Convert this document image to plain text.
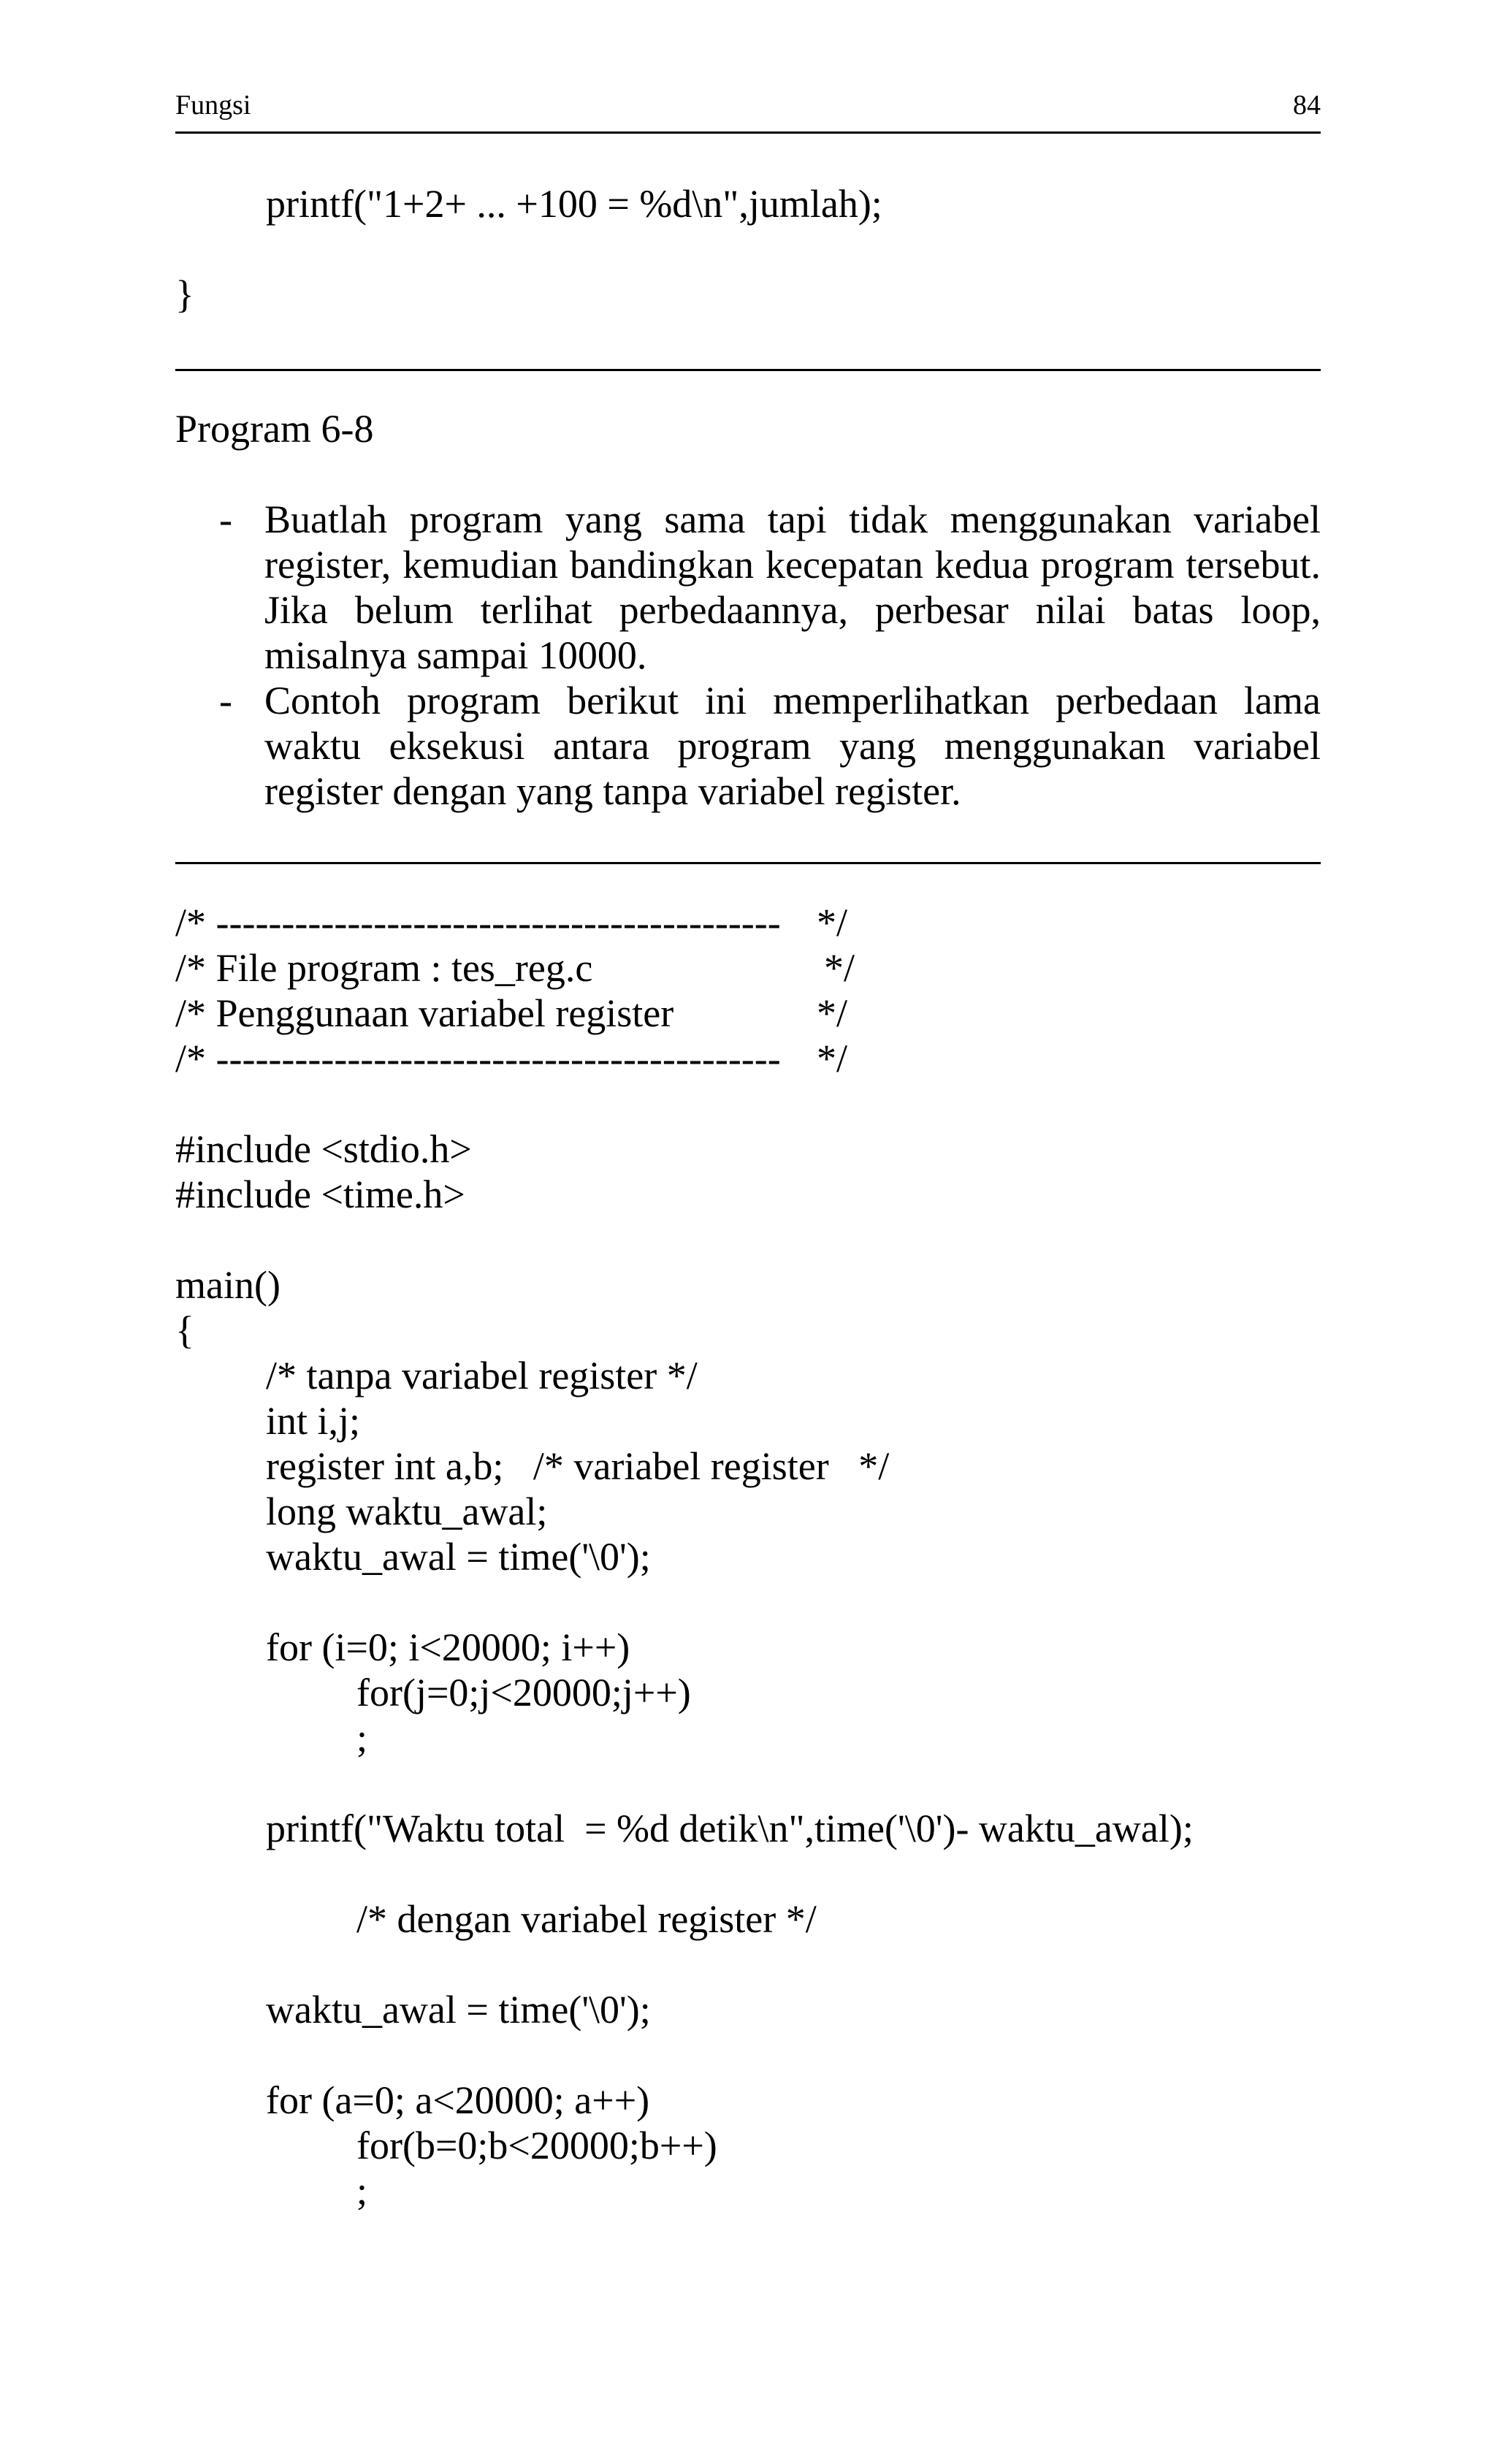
Fungsi	84
printf("1+2+ ... +100 = %d\n",jumlah);
}
Program 6-8
- Buatlah program yang sama tapi tidak menggunakan variabel register, kemudian bandingkan kecepatan kedua program tersebut. Jika belum terlihat perbedaannya, perbesar nilai batas loop, misalnya sampai 10000.
- Contoh program berikut ini memperlihatkan perbedaan lama waktu eksekusi antara program yang menggunakan variabel register dengan yang tanpa variabel register.
/* ------------------------------------------- */
/* File program : tes_reg.c	*/
/* Penggunaan variabel register	*/
/* ------------------------------------------- */
#include <stdio.h>
#include <time.h>
main()
{
/* tanpa variabel register */
int i,j;
register int a,b;   /* variabel register   */
long waktu_awal;
waktu_awal = time('\0');
for (i=0; i<20000; i++)
for(j=0;j<20000;j++)
;
printf("Waktu total  = %d detik\n",time('\0')- waktu_awal);
/* dengan variabel register */
waktu_awal = time('\0');
for (a=0; a<20000; a++)
for(b=0;b<20000;b++)
;
